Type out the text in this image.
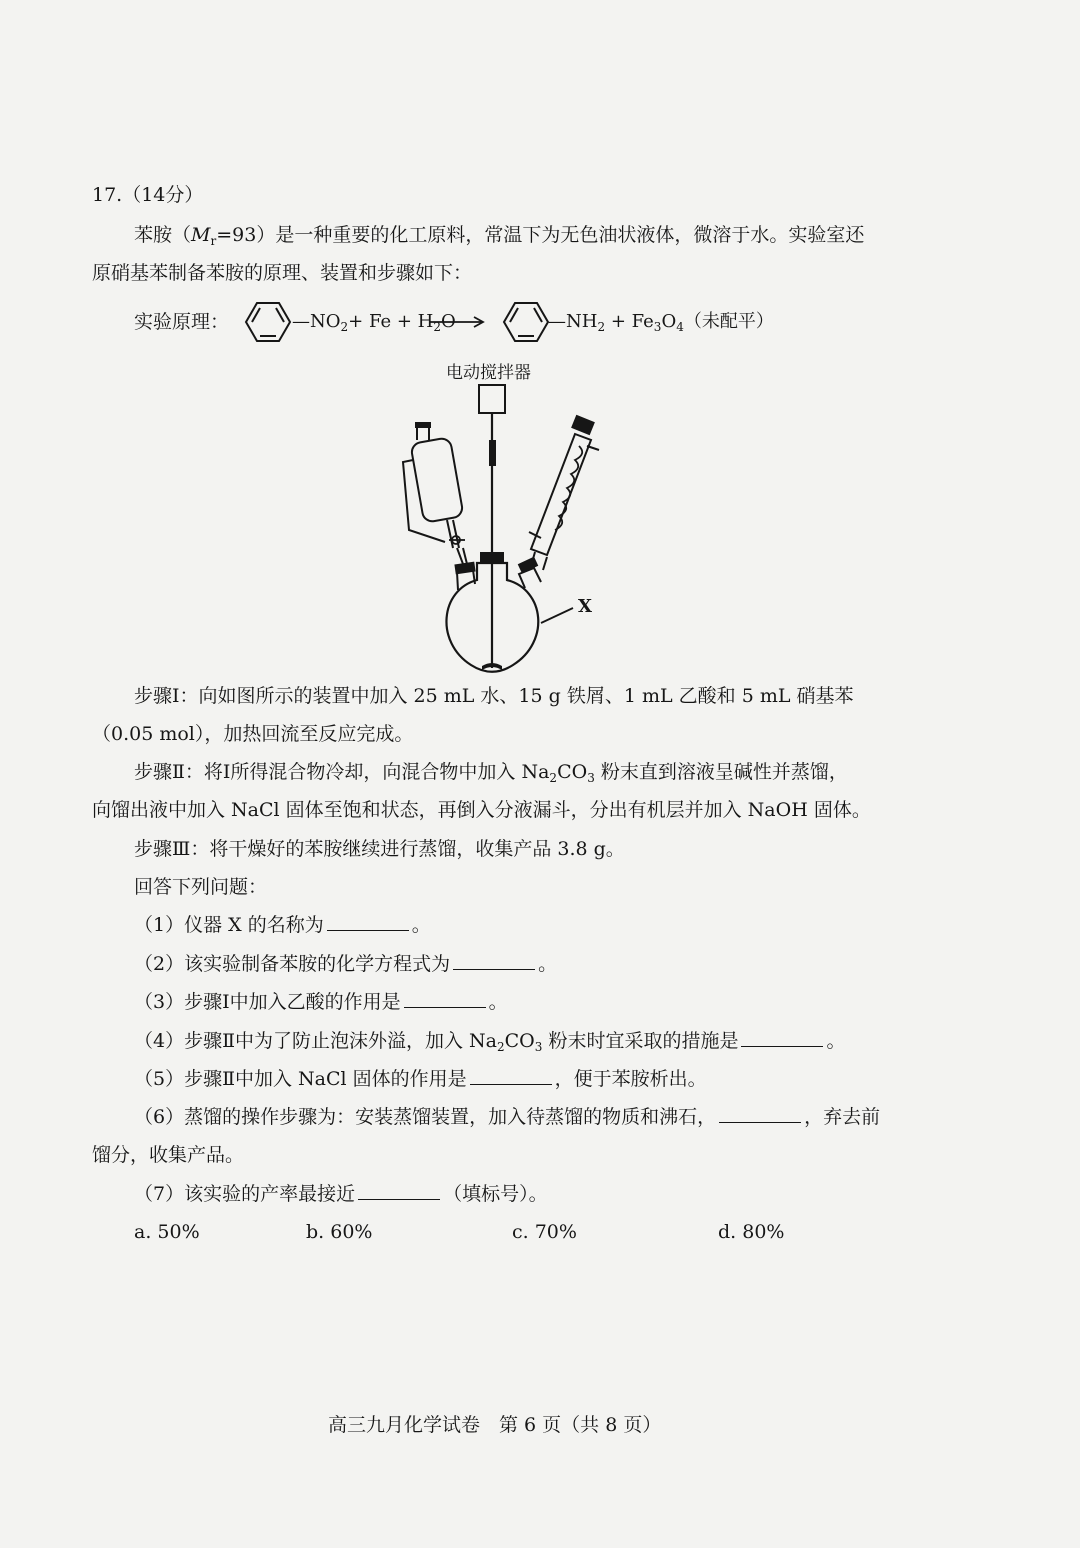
17.（14分）
苯胺$(M_r=93)$是一种重要的化工原料，常温下为无色油状液体，微溶于水。实验室还
原硝基苯制备苯胺的原理、装置和步骤如下：
实验原理：	$—NO_2+ Fe + H_2O$	$—NH_2 + Fe_3O_4$（未配平）
电动搅拌器
X
步骤Ⅰ：向如图所示的装置中加入 25 mL 水、15 g 铁屑、1 mL 乙酸和 5 mL 硝基苯
（0.05 mol），加热回流至反应完成。
步骤Ⅱ：将Ⅰ所得混合物冷却，向混合物中加入 $Na_2CO_3$ 粉末直到溶液呈碱性并蒸馏，
向馏出液中加入 NaCl 固体至饱和状态，再倒入分液漏斗，分出有机层并加入 NaOH 固体。
步骤Ⅲ：将干燥好的苯胺继续进行蒸馏，收集产品 3.8 g。
回答下列问题：
（1）仪器 X 的名称为	。
（2）该实验制备苯胺的化学方程式为	。
（3）步骤Ⅰ中加入乙酸的作用是	。
（4）步骤Ⅱ中为了防止泡沫外溢，加入 $Na_2CO_3$ 粉末时宜采取的措施是	。
（5）步骤Ⅱ中加入 NaCl 固体的作用是	，便于苯胺析出。
（6）蒸馏的操作步骤为：安装蒸馏装置，加入待蒸馏的物质和沸石，	，弃去前
馏分，收集产品。
（7）该实验的产率最接近	（填标号）。
a. 50%	b. 60%	c. 70%	d. 80%
高三九月化学试卷　第 6 页（共 8 页）
